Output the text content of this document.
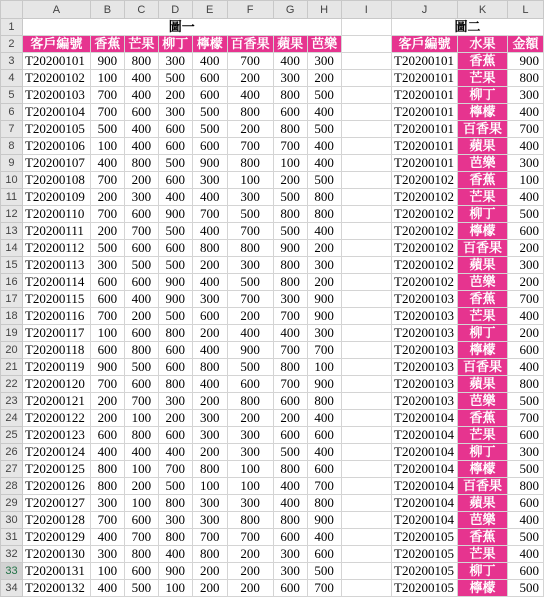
	A	B	C	D	E	F	G	H	I	J	K	L
1	圖一									圖二		
2	客戶編號	香蕉	芒果	柳丁	檸檬	百香果	蘋果	芭樂		客戶編號	水果	金額
3	T20200101	900	800	300	400	700	400	300		T20200101	香蕉	900
4	T20200102	100	400	500	600	200	300	200		T20200101	芒果	800
5	T20200103	700	400	200	600	400	800	500		T20200101	柳丁	300
6	T20200104	700	600	300	500	800	600	400		T20200101	檸檬	400
7	T20200105	500	400	600	500	200	800	500		T20200101	百香果	700
8	T20200106	100	400	600	600	700	700	400		T20200101	蘋果	400
9	T20200107	400	800	500	900	800	100	400		T20200101	芭樂	300
10	T20200108	700	200	600	300	100	200	500		T20200102	香蕉	100
11	T20200109	200	300	400	400	300	500	800		T20200102	芒果	400
12	T20200110	700	600	900	700	500	800	800		T20200102	柳丁	500
13	T20200111	200	700	500	400	700	500	400		T20200102	檸檬	600
14	T20200112	500	600	600	800	800	900	200		T20200102	百香果	200
15	T20200113	300	500	500	200	300	800	300		T20200102	蘋果	300
16	T20200114	600	600	900	400	500	800	200		T20200102	芭樂	200
17	T20200115	600	400	900	300	700	300	900		T20200103	香蕉	700
18	T20200116	700	200	500	600	200	700	900		T20200103	芒果	400
19	T20200117	100	600	800	200	400	400	300		T20200103	柳丁	200
20	T20200118	600	800	600	400	900	700	700		T20200103	檸檬	600
21	T20200119	900	500	600	800	500	800	100		T20200103	百香果	400
22	T20200120	700	600	800	400	600	700	900		T20200103	蘋果	800
23	T20200121	200	700	300	200	800	600	800		T20200103	芭樂	500
24	T20200122	200	100	200	300	200	200	400		T20200104	香蕉	700
25	T20200123	600	800	600	300	300	600	600		T20200104	芒果	600
26	T20200124	400	400	400	200	300	500	400		T20200104	柳丁	300
27	T20200125	800	100	700	800	100	800	600		T20200104	檸檬	500
28	T20200126	800	200	500	100	100	400	700		T20200104	百香果	800
29	T20200127	300	100	800	300	300	400	800		T20200104	蘋果	600
30	T20200128	700	600	300	300	800	800	900		T20200104	芭樂	400
31	T20200129	400	700	800	700	700	600	400		T20200105	香蕉	500
32	T20200130	300	800	400	800	200	300	600		T20200105	芒果	400
33	T20200131	100	600	900	200	200	300	500		T20200105	柳丁	600
34	T20200132	400	500	100	200	200	600	700		T20200105	檸檬	500
